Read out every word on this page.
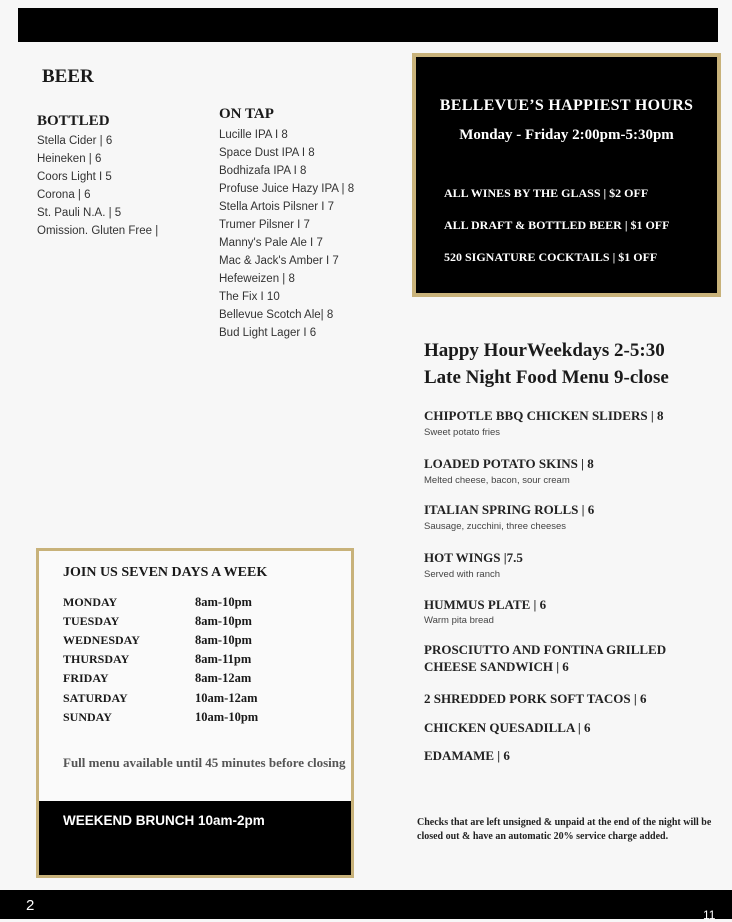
BEER
BOTTLED
Stella Cider | 6
Heineken | 6
Coors Light I 5
Corona | 6
St. Pauli N.A. | 5
Omission. Gluten Free |
ON TAP
Lucille IPA I 8
Space Dust IPA I 8
Bodhizafa IPA I 8
Profuse Juice Hazy IPA | 8
Stella Artois Pilsner I 7
Trumer Pilsner I 7
Manny's Pale Ale I 7
Mac & Jack's Amber I 7
Hefeweizen | 8
The Fix I 10
Bellevue Scotch Ale| 8
Bud Light Lager I 6
BELLEVUE’S HAPPIEST HOURS
Monday - Friday 2:00pm-5:30pm
ALL WINES BY THE GLASS | $2 OFF
ALL DRAFT & BOTTLED BEER | $1 OFF
520 SIGNATURE COCKTAILS | $1 OFF
Happy HourWeekdays 2-5:30
Late Night Food Menu 9-close
CHIPOTLE BBQ CHICKEN SLIDERS | 8
Sweet potato fries
LOADED POTATO SKINS | 8
Melted cheese, bacon, sour cream
ITALIAN SPRING ROLLS | 6
Sausage, zucchini, three cheeses
HOT WINGS |7.5
Served with ranch
HUMMUS PLATE | 6
Warm pita bread
PROSCIUTTO AND FONTINA GRILLED
CHEESE SANDWICH | 6
2 SHREDDED PORK SOFT TACOS | 6
CHICKEN QUESADILLA | 6
EDAMAME | 6
JOIN US SEVEN DAYS A WEEK
MONDAY	8am-10pm
TUESDAY	8am-10pm
WEDNESDAY	8am-10pm
THURSDAY	8am-11pm
FRIDAY	8am-12am
SATURDAY	10am-12am
SUNDAY	10am-10pm
Full menu available until 45 minutes before closing
WEEKEND BRUNCH 10am-2pm	Checks that are left unsigned & unpaid at the end of the night will be closed out & have an automatic 20% service charge added.
2
11
